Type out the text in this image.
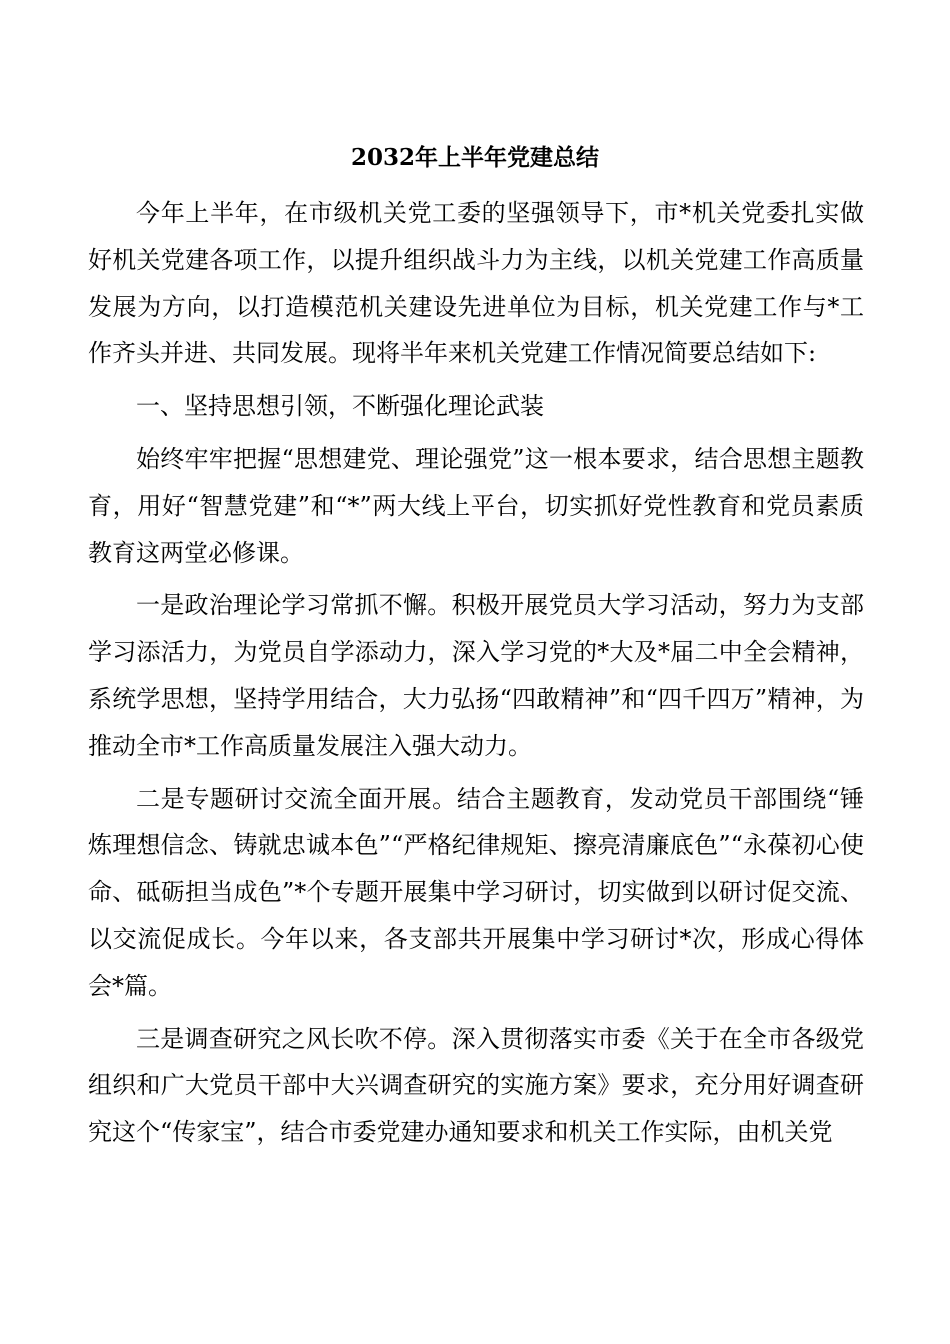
2032年上半年党建总结

今年上半年，在市级机关党工委的坚强领导下，市*机关党委扎实做好机关党建各项工作，以提升组织战斗力为主线，以机关党建工作高质量发展为方向，以打造模范机关建设先进单位为目标，机关党建工作与*工作齐头并进、共同发展。现将半年来机关党建工作情况简要总结如下:

一、坚持思想引领，不断强化理论武装

始终牢牢把握“思想建党、理论强党”这一根本要求，结合思想主题教育，用好“智慧党建”和“*”两大线上平台，切实抓好党性教育和党员素质教育这两堂必修课。

一是政治理论学习常抓不懈。积极开展党员大学习活动，努力为支部学习添活力，为党员自学添动力，深入学习党的*大及*届二中全会精神，系统学思想，坚持学用结合，大力弘扬“四敢精神”和“四千四万”精神，为推动全市*工作高质量发展注入强大动力。

二是专题研讨交流全面开展。结合主题教育，发动党员干部围绕“锤炼理想信念、铸就忠诚本色”“严格纪律规矩、擦亮清廉底色”“永葆初心使命、砥砺担当成色”*个专题开展集中学习研讨，切实做到以研讨促交流、以交流促成长。今年以来，各支部共开展集中学习研讨*次，形成心得体会*篇。

三是调查研究之风长吹不停。深入贯彻落实市委《关于在全市各级党组织和广大党员干部中大兴调查研究的实施方案》要求，充分用好调查研究这个“传家宝”，结合市委党建办通知要求和机关工作实际，由机关党
